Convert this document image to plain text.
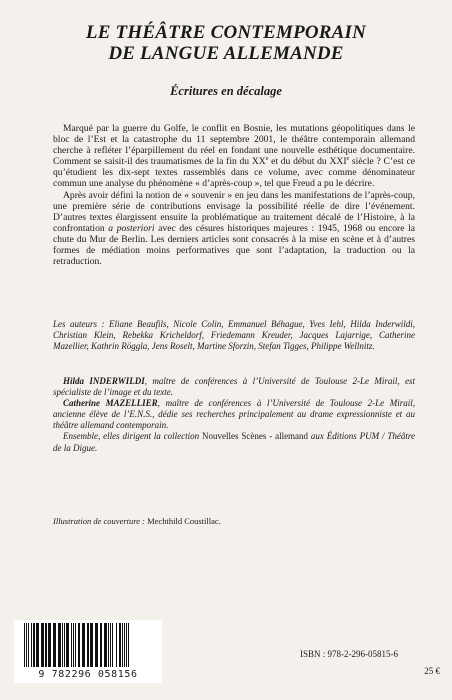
LE THÉÂTRE CONTEMPORAIN
DE LANGUE ALLEMANDE
Écritures en décalage

Marqué par la guerre du Golfe, le conflit en Bosnie, les mutations géopolitiques dans le bloc de l’Est et la catastrophe du 11 septembre 2001, le théâtre contemporain allemand cherche à refléter l’éparpillement du réel en fondant une nouvelle esthétique documentaire. Comment se saisit-il des traumatismes de la fin du XXe et du début du XXIe siècle ? C’est ce qu’étudient les dix-sept textes rassemblés dans ce volume, avec comme dénominateur commun une analyse du phénomène « d’après-coup », tel que Freud a pu le décrire.

Après avoir défini la notion de « souvenir » en jeu dans les manifestations de l’après-coup, une première série de contributions envisage la possibilité réelle de dire l’événement. D’autres textes élargissent ensuite la problématique au traitement décalé de l’Histoire, à la confrontation a posteriori avec des césures historiques majeures : 1945, 1968 ou encore la chute du Mur de Berlin. Les derniers articles sont consacrés à la mise en scène et à d’autres formes de médiation moins performatives que sont l’adaptation, la traduction ou la retraduction.

Les auteurs : Eliane Beaufils, Nicole Colin, Emmanuel Béhague, Yves Iehl, Hilda Inderwildi, Christian Klein, Rebekka Kricheldorf, Friedemann Kreuder, Jacques Lajarrige, Catherine Mazellier, Kathrin Röggla, Jens Roselt, Martine Sforzin, Stefan Tigges, Philippe Wellnitz.

Hilda INDERWILDI, maître de conférences à l’Université de Toulouse 2-Le Mirail, est spécialiste de l’image et du texte.

Catherine MAZELLIER, maître de conférences à l’Université de Toulouse 2-Le Mirail, ancienne élève de l’E.N.S., dédie ses recherches principalement au drame expressionniste et au théâtre allemand contemporain.

Ensemble, elles dirigent la collection Nouvelles Scènes - allemand aux Éditions PUM / Théâtre de la Digue.

Illustration de couverture : Mechthild Coustillac.
9 782296 058156
ISBN : 978-2-296-05815-6
25 €
